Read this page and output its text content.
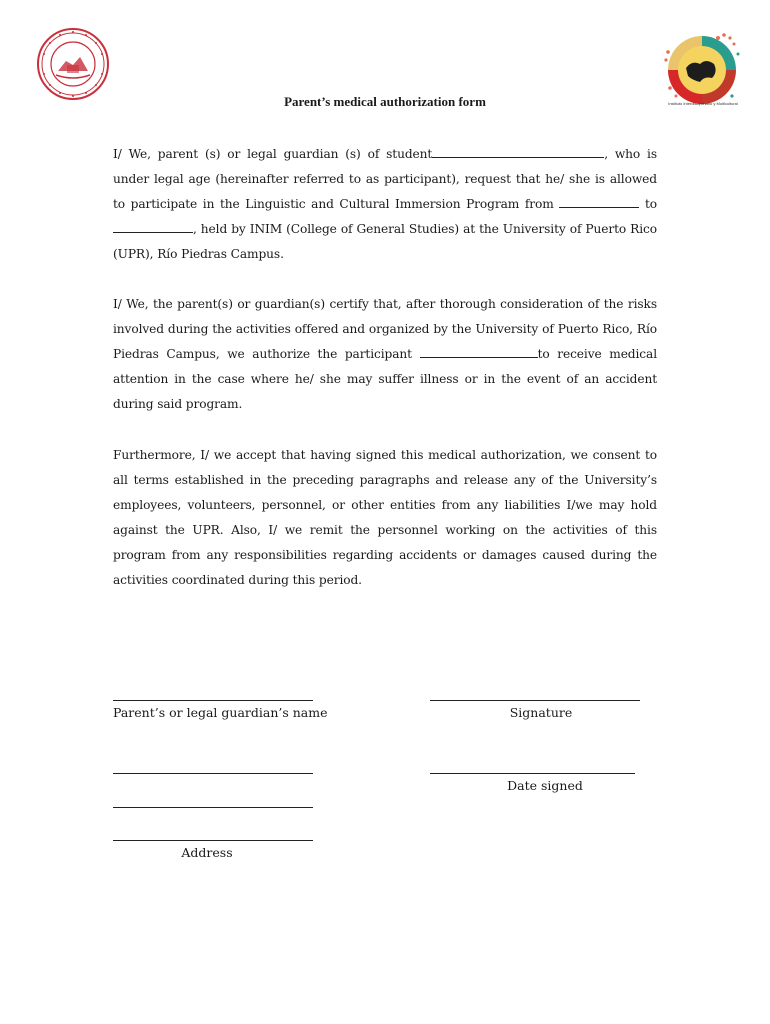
Instituto Interdisciplinario y Multicultural
Parent’s medical authorization form
I/ We, parent (s) or legal guardian (s) of student	, who is under legal age (hereinafter referred to as participant), request that he/ she is allowed to participate in the Linguistic and Cultural Immersion Program from	to , held by INIM (College of General Studies) at the University of Puerto Rico (UPR), Río Piedras Campus.
I/ We, the parent(s) or guardian(s) certify that, after thorough consideration of the risks involved during the activities offered and organized by the University of Puerto Rico, Río Piedras Campus, we authorize the participant	to receive medical attention in the case where he/ she may suffer illness or in the event of an accident during said program.
Furthermore, I/ we accept that having signed this medical authorization, we consent to all terms established in the preceding paragraphs and release any of the University’s employees, volunteers, personnel, or other entities from any liabilities I/we may hold against the UPR. Also, I/ we remit the personnel working on the activities of this program from any responsibilities regarding accidents or damages caused during the activities coordinated during this period.
Parent’s or legal guardian’s name	Signature
Date signed
Address
